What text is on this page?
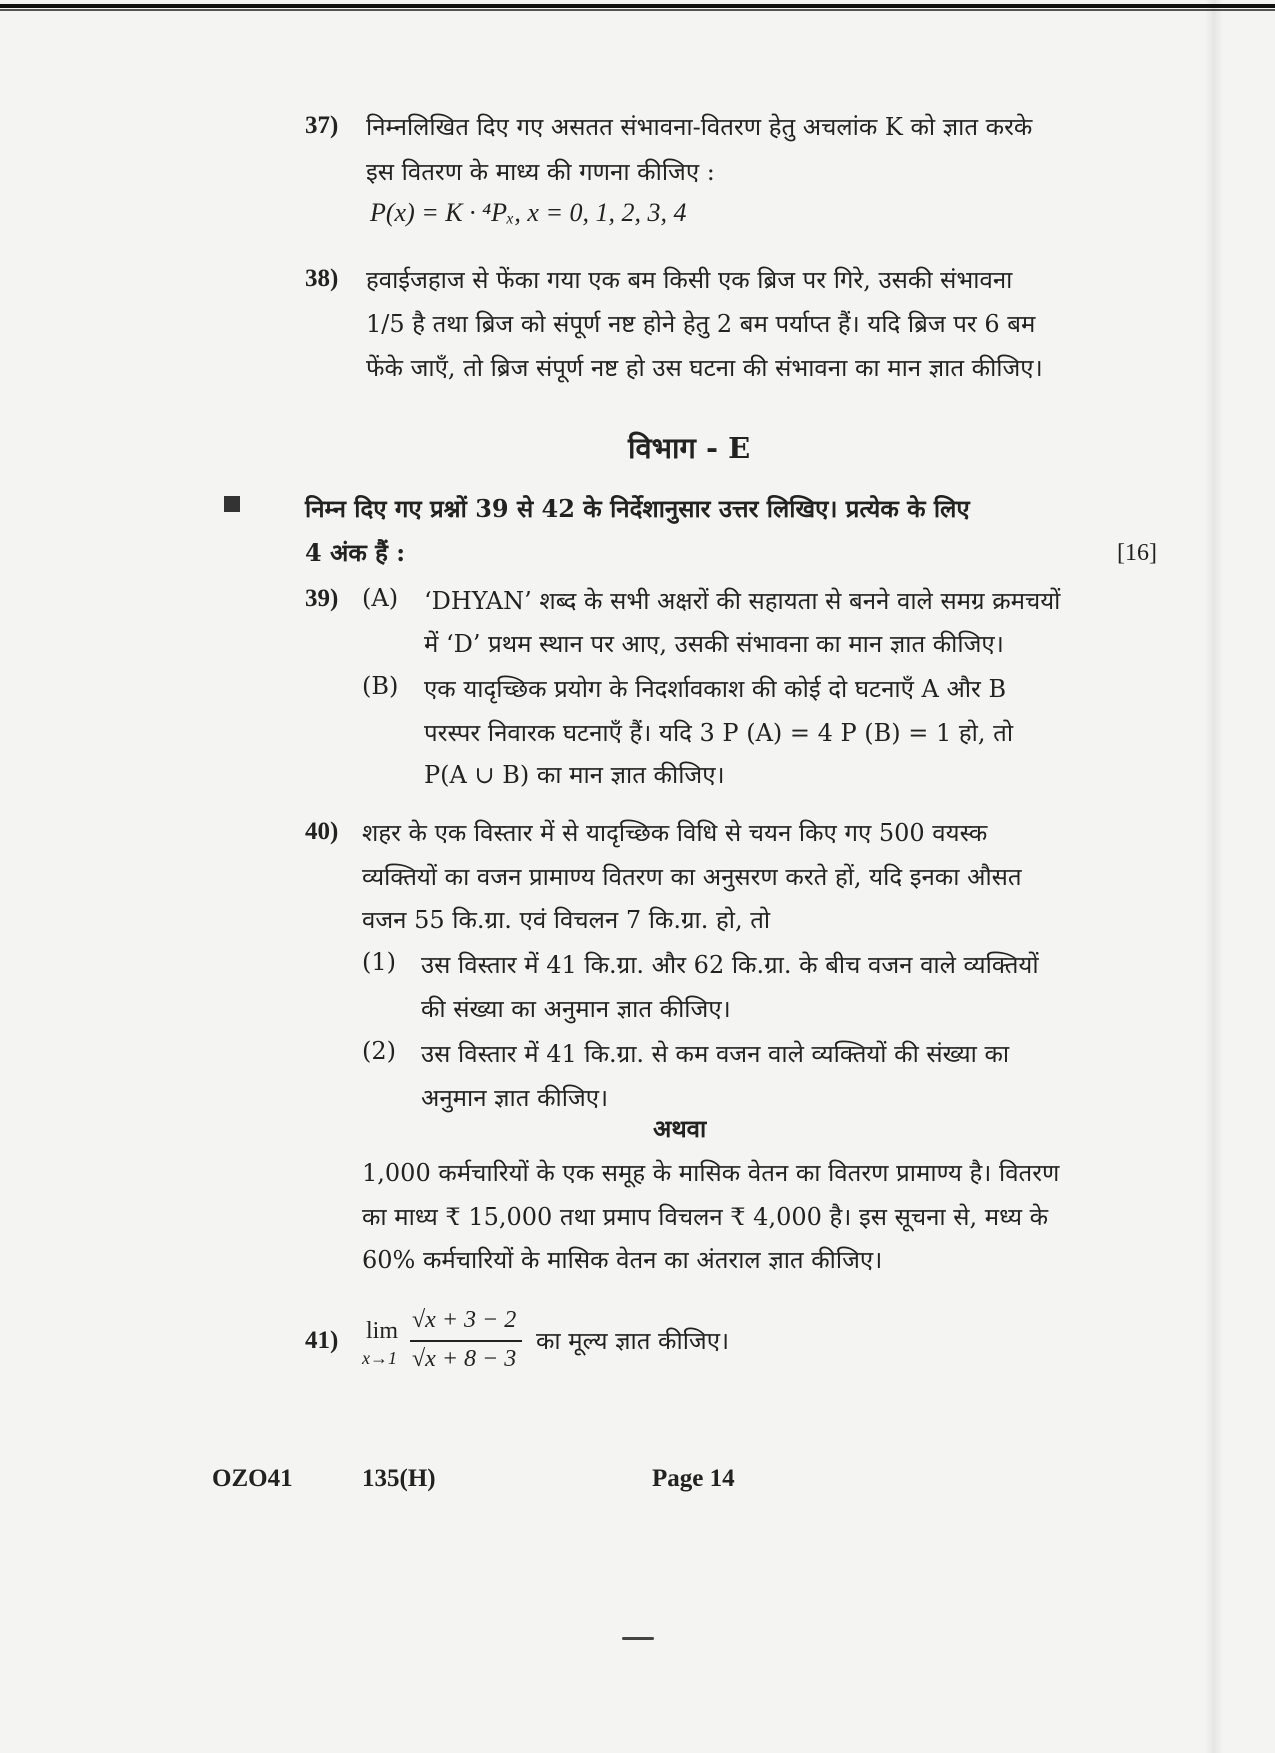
37) निम्नलिखित दिए गए असतत संभावना-वितरण हेतु अचलांक K को ज्ञात करके
इस वितरण के माध्य की गणना कीजिए :
P(x) = K · ⁴Pₓ, x = 0, 1, 2, 3, 4
38) हवाईजहाज से फेंका गया एक बम किसी एक ब्रिज पर गिरे, उसकी संभावना
1/5 है तथा ब्रिज को संपूर्ण नष्ट होने हेतु 2 बम पर्याप्त हैं। यदि ब्रिज पर 6 बम
फेंके जाएँ, तो ब्रिज संपूर्ण नष्ट हो उस घटना की संभावना का मान ज्ञात कीजिए।
विभाग - E
निम्न दिए गए प्रश्नों 39 से 42 के निर्देशानुसार उत्तर लिखिए। प्रत्येक के लिए
4 अंक हैं :	[16]
39) (A) ‘DHYAN’ शब्द के सभी अक्षरों की सहायता से बनने वाले समग्र क्रमचयों
में ‘D’ प्रथम स्थान पर आए, उसकी संभावना का मान ज्ञात कीजिए।
(B) एक यादृच्छिक प्रयोग के निदर्शावकाश की कोई दो घटनाएँ A और B
परस्पर निवारक घटनाएँ हैं। यदि 3 P (A) = 4 P (B) = 1 हो, तो
P(A ∪ B) का मान ज्ञात कीजिए।
40) शहर के एक विस्तार में से यादृच्छिक विधि से चयन किए गए 500 वयस्क
व्यक्तियों का वजन प्रामाण्य वितरण का अनुसरण करते हों, यदि इनका औसत
वजन 55 कि.ग्रा. एवं विचलन 7 कि.ग्रा. हो, तो
(1) उस विस्तार में 41 कि.ग्रा. और 62 कि.ग्रा. के बीच वजन वाले व्यक्तियों
की संख्या का अनुमान ज्ञात कीजिए।
(2) उस विस्तार में 41 कि.ग्रा. से कम वजन वाले व्यक्तियों की संख्या का
अनुमान ज्ञात कीजिए।
अथवा
1,000 कर्मचारियों के एक समूह के मासिक वेतन का वितरण प्रामाण्य है। वितरण
का माध्य ₹ 15,000 तथा प्रमाप विचलन ₹ 4,000 है। इस सूचना से, मध्य के
60% कर्मचारियों के मासिक वेतन का अंतराल ज्ञात कीजिए।
41) lim
x→1
√x + 3 − 2
√x + 8 − 3
का मूल्य ज्ञात कीजिए।
OZO41	135(H)	Page 14
